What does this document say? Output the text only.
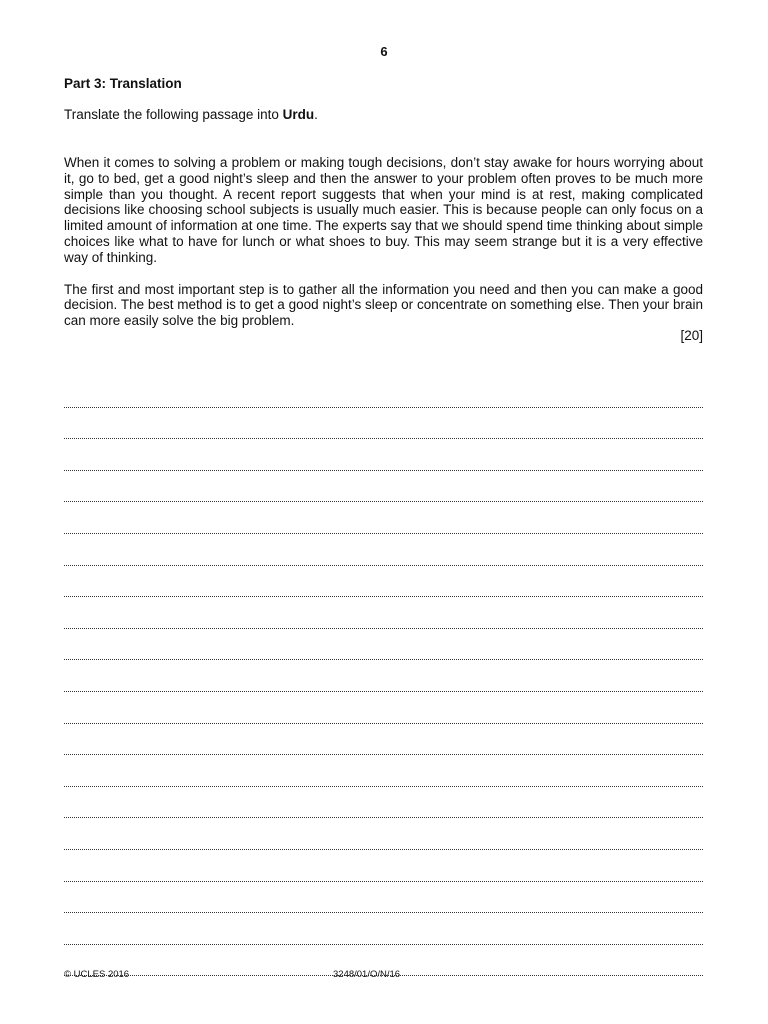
6
Part 3: Translation
Translate the following passage into Urdu.

When it comes to solving a problem or making tough decisions, don’t stay awake for hours worrying about it, go to bed, get a good night’s sleep and then the answer to your problem often proves to be much more simple than you thought. A recent report suggests that when your mind is at rest, making complicated decisions like choosing school subjects is usually much easier. This is because people can only focus on a limited amount of information at one time. The experts say that we should spend time thinking about simple choices like what to have for lunch or what shoes to buy. This may seem strange but it is a very effective way of thinking.

The first and most important step is to gather all the information you need and then you can make a good decision. The best method is to get a good night’s sleep or concentrate on something else. Then your brain can more easily solve the big problem.

[20]
© UCLES 2016	3248/01/O/N/16
